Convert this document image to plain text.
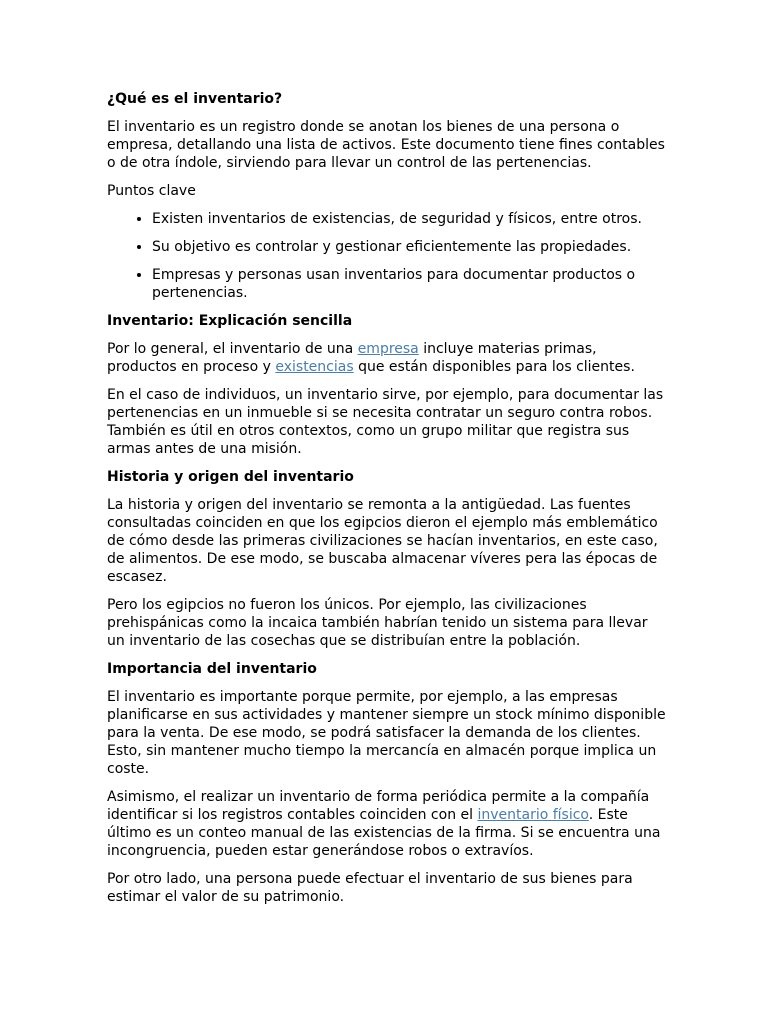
¿Qué es el inventario?

El inventario es un registro donde se anotan los bienes de una persona o empresa, detallando una lista de activos. Este documento tiene fines contables o de otra índole, sirviendo para llevar un control de las pertenencias.

Puntos clave

• Existen inventarios de existencias, de seguridad y físicos, entre otros.
• Su objetivo es controlar y gestionar eficientemente las propiedades.
• Empresas y personas usan inventarios para documentar productos o pertenencias.
Inventario: Explicación sencilla

Por lo general, el inventario de una empresa incluye materias primas, productos en proceso y existencias que están disponibles para los clientes.

En el caso de individuos, un inventario sirve, por ejemplo, para documentar las pertenencias en un inmueble si se necesita contratar un seguro contra robos. También es útil en otros contextos, como un grupo militar que registra sus armas antes de una misión.

Historia y origen del inventario

La historia y origen del inventario se remonta a la antigüedad. Las fuentes consultadas coinciden en que los egipcios dieron el ejemplo más emblemático de cómo desde las primeras civilizaciones se hacían inventarios, en este caso, de alimentos. De ese modo, se buscaba almacenar víveres pera las épocas de escasez.

Pero los egipcios no fueron los únicos. Por ejemplo, las civilizaciones prehispánicas como la incaica también habrían tenido un sistema para llevar un inventario de las cosechas que se distribuían entre la población.

Importancia del inventario

El inventario es importante porque permite, por ejemplo, a las empresas planificarse en sus actividades y mantener siempre un stock mínimo disponible para la venta. De ese modo, se podrá satisfacer la demanda de los clientes. Esto, sin mantener mucho tiempo la mercancía en almacén porque implica un coste.

Asimismo, el realizar un inventario de forma periódica permite a la compañía identificar si los registros contables coinciden con el inventario físico. Este último es un conteo manual de las existencias de la firma. Si se encuentra una incongruencia, pueden estar generándose robos o extravíos.

Por otro lado, una persona puede efectuar el inventario de sus bienes para estimar el valor de su patrimonio.
